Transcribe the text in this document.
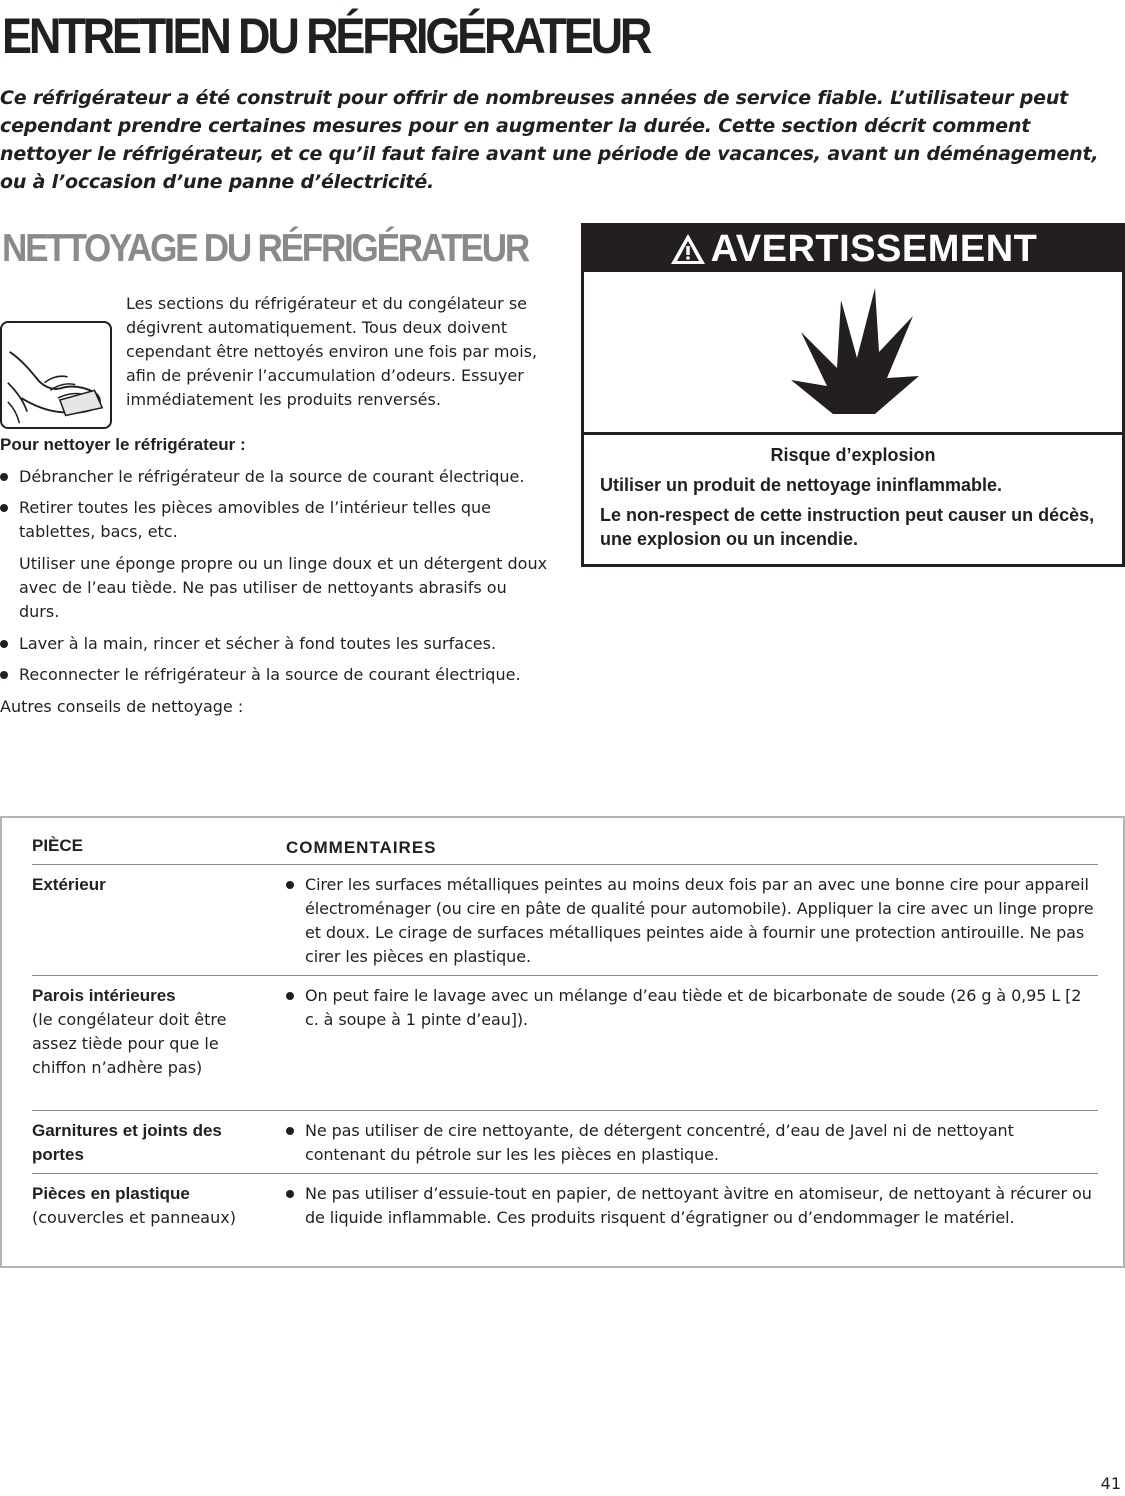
ENTRETIEN DU RÉFRIGÉRATEUR

Ce réfrigérateur a été construit pour offrir de nombreuses années de service fiable. L’utilisateur peut cependant prendre certaines mesures pour en augmenter la durée. Cette section décrit comment nettoyer le réfrigérateur, et ce qu’il faut faire avant une période de vacances, avant un déménagement, ou à l’occasion d’une panne d’électricité.

NETTOYAGE DU RÉFRIGÉRATEUR

Les sections du réfrigérateur et du congélateur se dégivrent automatiquement. Tous deux doivent cependant être nettoyés environ une fois par mois, afin de prévenir l’accumulation d’odeurs. Essuyer immédiatement les produits renversés.

Pour nettoyer le réfrigérateur :

Débrancher le réfrigérateur de la source de courant électrique.
Retirer toutes les pièces amovibles de l’intérieur telles que tablettes, bacs, etc.

Utiliser une éponge propre ou un linge doux et un détergent doux avec de l’eau tiède. Ne pas utiliser de nettoyants abrasifs ou durs.

Laver à la main, rincer et sécher à fond toutes les surfaces.
Reconnecter le réfrigérateur à la source de courant électrique.

Autres conseils de nettoyage :

AVERTISSEMENT

Risque d’explosion

Utiliser un produit de nettoyage ininflammable.

Le non-respect de cette instruction peut causer un décès, une explosion ou un incendie.

PIÈCE	COMMENTAIRES
Extérieur	Cirer les surfaces métalliques peintes au moins deux fois par an avec une bonne cire pour appareil électroménager (ou cire en pâte de qualité pour automobile). Appliquer la cire avec un linge propre et doux. Le cirage de surfaces métalliques peintes aide à fournir une protection antirouille. Ne pas cirer les pièces en plastique.
Parois intérieures
(le congélateur doit être assez tiède pour que le chiffon n’adhère pas)
On peut faire le lavage avec un mélange d’eau tiède et de bicarbonate de soude (26 g à 0,95 L [2 c. à soupe à 1 pinte d’eau]).
Garnitures et joints des portes
Ne pas utiliser de cire nettoyante, de détergent concentré, d’eau de Javel ni de nettoyant contenant du pétrole sur les les pièces en plastique.
Pièces en plastique
(couvercles et panneaux)
Ne pas utiliser d’essuie-tout en papier, de nettoyant àvitre en atomiseur, de nettoyant à récurer ou de liquide inflammable. Ces produits risquent d’égratigner ou d’endommager le matériel.
41
